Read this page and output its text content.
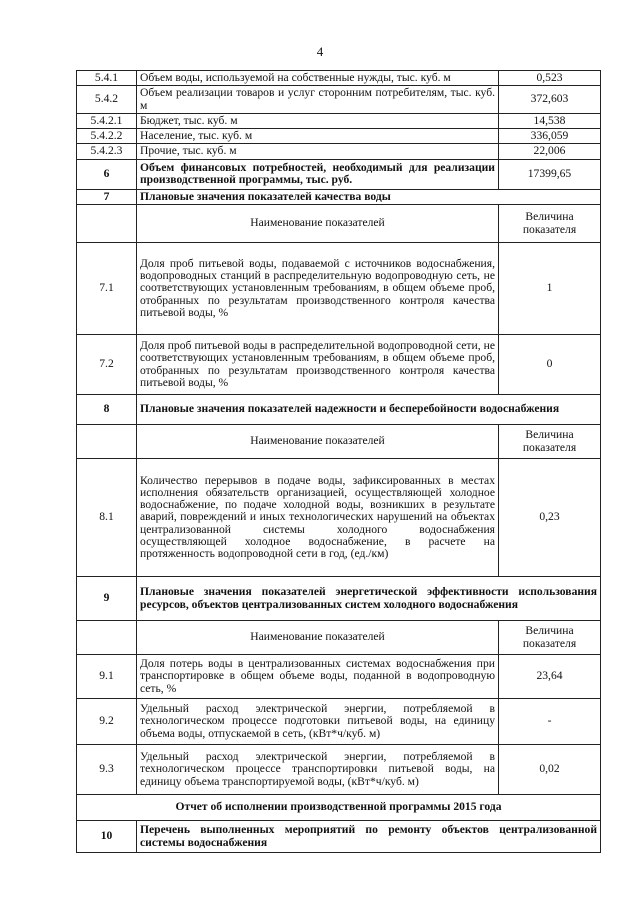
4
5.4.1	Объем воды, используемой на собственные нужды, тыс. куб. м	0,523
5.4.2	Объем реализации товаров и услуг сторонним потребителям, тыс. куб. м	372,603
5.4.2.1	Бюджет, тыс. куб. м	14,538
5.4.2.2	Население, тыс. куб. м	336,059
5.4.2.3	Прочие, тыс. куб. м	22,006
6	Объем финансовых потребностей, необходимый для реализации производственной программы, тыс. руб.	17399,65
7	Плановые значения показателей качества воды	
	Наименование показателей	Величина показателя
7.1	Доля проб питьевой воды, подаваемой с источников водоснабжения, водопроводных станций в распределительную водопроводную сеть, не соответствующих установленным требованиям, в общем объеме проб, отобранных по результатам производственного контроля качества питьевой воды, %	1
7.2	Доля проб питьевой воды в распределительной водопроводной сети, не соответствующих установленным требованиям, в общем объеме проб, отобранных по результатам производственного контроля качества питьевой воды, %	0
8	Плановые значения показателей надежности и бесперебойности водоснабжения	
	Наименование показателей	Величина показателя
8.1	Количество перерывов в подаче воды, зафиксированных в местах исполнения обязательств организацией, осуществляющей холодное водоснабжение, по подаче холодной воды, возникших в результате аварий, повреждений и иных технологических нарушений на объектах централизованной системы холодного водоснабжения осуществляющей холодное водоснабжение, в расчете на протяженность водопроводной сети в год, (ед./км)	0,23
9	Плановые значения показателей энергетической эффективности использования ресурсов, объектов централизованных систем холодного водоснабжения	
	Наименование показателей	Величина показателя
9.1	Доля потерь воды в централизованных системах водоснабжения при транспортировке в общем объеме воды, поданной в водопроводную сеть, %	23,64
9.2	Удельный расход электрической энергии, потребляемой в технологическом процессе подготовки питьевой воды, на единицу объема воды, отпускаемой в сеть, (кВт*ч/куб. м)	-
9.3	Удельный расход электрической энергии, потребляемой в технологическом процессе транспортировки питьевой воды, на единицу объема транспортируемой воды, (кВт*ч/куб. м)	0,02
Отчет об исполнении производственной программы 2015 года		
10	Перечень выполненных мероприятий по ремонту объектов централизованной системы водоснабжения	
